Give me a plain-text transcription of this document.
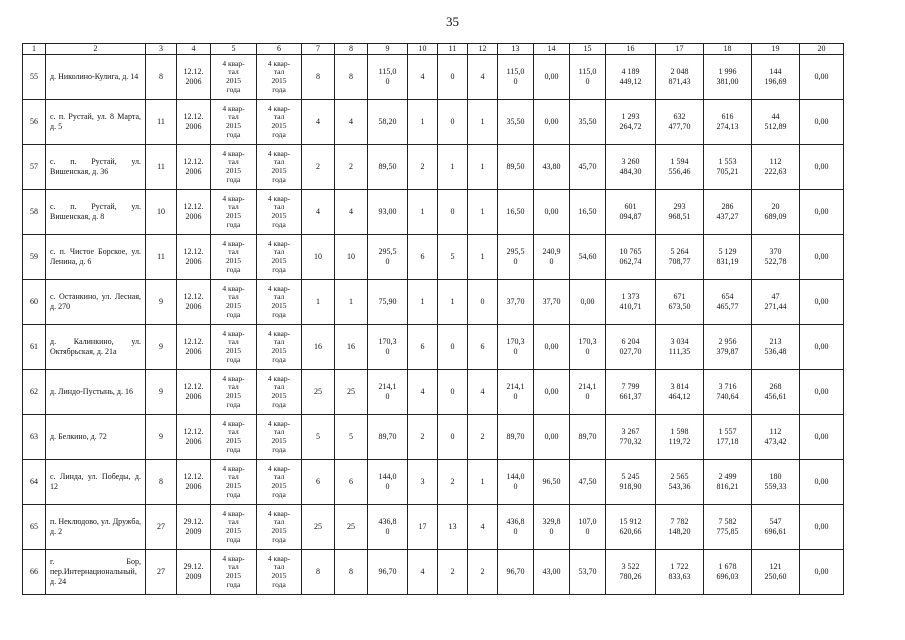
35
1	2	3	4	5	6	7	8	9	10	11	12	13	14	15	16	17	18	19	20

55	д. Николино-Кулига, д. 14	8	12.12.
2006	4 квар-
тал
2015
года	4 квар-
тал
2015
года	8	8	115,0
0	4	0	4	115,0
0	0,00	115,0
0	4 189
449,12	2 048
871,43	1 996
381,00	144
196,69	0,00

56	с. п. Рустай, ул. 8 Марта, д. 5	11	12.12.
2006	4 квар-
тал
2015
года	4 квар-
тал
2015
года	4	4	58,20	1	0	1	35,50	0,00	35,50	1 293
264,72	632
477,70	616
274,13	44
512,89	0,00

57	с. п. Рустай, ул. Вишенская, д. 36	11	12.12.
2006	4 квар-
тал
2015
года	4 квар-
тал
2015
года	2	2	89,50	2	1	1	89,50	43,80	45,70	3 260
484,30	1 594
556,46	1 553
705,21	112
222,63	0,00

58	с. п. Рустай, ул. Вишенская, д. 8	10	12.12.
2006	4 квар-
тал
2015
года	4 квар-
тал
2015
года	4	4	93,00	1	0	1	16,50	0,00	16,50	601
094,87	293
968,51	286
437,27	20
689,09	0,00

59	с. п. Чистое Борское, ул. Ленина, д. 6	11	12.12.
2006	4 квар-
тал
2015
года	4 квар-
тал
2015
года	10	10	295,5
0	6	5	1	295,5
0	240,9
0	54,60	10 765
062,74	5 264
708,77	5 129
831,19	370
522,78	0,00

60	с. Останкино, ул. Лесная, д. 270	9	12.12.
2006	4 квар-
тал
2015
года	4 квар-
тал
2015
года	1	1	75,90	1	1	0	37,70	37,70	0,00	1 373
410,71	671
673,50	654
465,77	47
271,44	0,00

61	д. Калинкино, ул. Октябрьская, д. 21а	9	12.12.
2006	4 квар-
тал
2015
года	4 квар-
тал
2015
года	16	16	170,3
0	6	0	6	170,3
0	0,00	170,3
0	6 204
027,70	3 034
111,35	2 956
379,87	213
536,48	0,00

62	д. Линдо-Пустынь, д. 16	9	12.12.
2006	4 квар-
тал
2015
года	4 квар-
тал
2015
года	25	25	214,1
0	4	0	4	214,1
0	0,00	214,1
0	7 799
661,37	3 814
464,12	3 716
740,64	268
456,61	0,00

63	д. Белкино, д. 72	9	12.12.
2006	4 квар-
тал
2015
года	4 квар-
тал
2015
года	5	5	89,70	2	0	2	89,70	0,00	89,70	3 267
770,32	1 598
119,72	1 557
177,18	112
473,42	0,00

64	с. Линда, ул. Победы, д. 12	8	12.12.
2006	4 квар-
тал
2015
года	4 квар-
тал
2015
года	6	6	144,0
0	3	2	1	144,0
0	96,50	47,50	5 245
918,90	2 565
543,36	2 499
816,21	180
559,33	0,00

65	п. Неклюдово, ул. Дружба, д. 2	27	29.12.
2009	4 квар-
тал
2015
года	4 квар-
тал
2015
года	25	25	436,8
0	17	13	4	436,8
0	329,8
0	107,0
0	15 912
620,66	7 782
148,20	7 582
775,85	547
696,61	0,00

66	г. Бор, пер.Интернациональный, д. 24	27	29.12.
2009	4 квар-
тал
2015
года	4 квар-
тал
2015
года	8	8	96,70	4	2	2	96,70	43,00	53,70	3 522
780,26	1 722
833,63	1 678
696,03	121
250,60	0,00
